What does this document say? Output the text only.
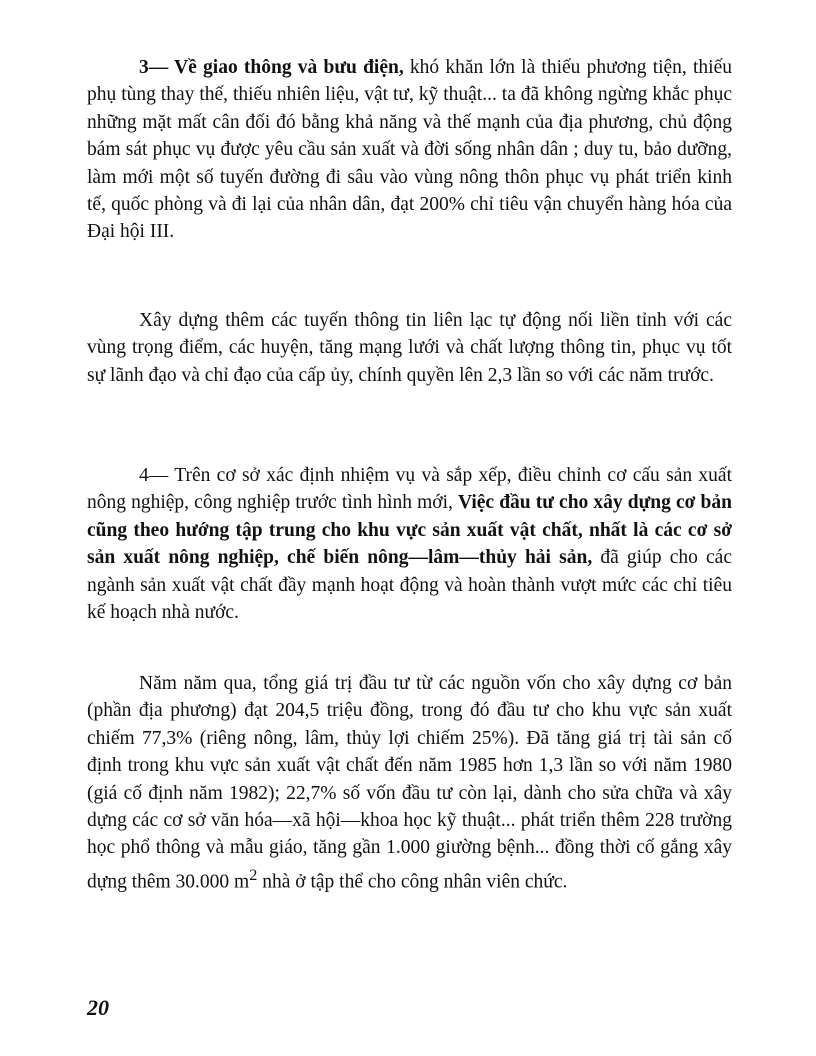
3— Về giao thông và bưu điện, khó khăn lớn là thiếu phương tiện, thiếu phụ tùng thay thế, thiếu nhiên liệu, vật tư, kỹ thuật... ta đã không ngừng khắc phục những mặt mất cân đối đó bằng khả năng và thế mạnh của địa phương, chủ động bám sát phục vụ được yêu cầu sản xuất và đời sống nhân dân ; duy tu, bảo dưỡng, làm mới một số tuyến đường đi sâu vào vùng nông thôn phục vụ phát triển kinh tế, quốc phòng và đi lại của nhân dân, đạt 200% chỉ tiêu vận chuyển hàng hóa của Đại hội III.

Xây dựng thêm các tuyến thông tin liên lạc tự động nối liền tỉnh với các vùng trọng điểm, các huyện, tăng mạng lưới và chất lượng thông tin, phục vụ tốt sự lãnh đạo và chỉ đạo của cấp ủy, chính quyền lên 2,3 lần so với các năm trước.

4— Trên cơ sở xác định nhiệm vụ và sắp xếp, điều chỉnh cơ cấu sản xuất nông nghiệp, công nghiệp trước tình hình mới, Việc đầu tư cho xây dựng cơ bản cũng theo hướng tập trung cho khu vực sản xuất vật chất, nhất là các cơ sở sản xuất nông nghiệp, chế biến nông—lâm—thủy hải sản, đã giúp cho các ngành sản xuất vật chất đầy mạnh hoạt động và hoàn thành vượt mức các chỉ tiêu kế hoạch nhà nước.

Năm năm qua, tổng giá trị đầu tư từ các nguồn vốn cho xây dựng cơ bản (phần địa phương) đạt 204,5 triệu đồng, trong đó đầu tư cho khu vực sản xuất chiếm 77,3% (riêng nông, lâm, thủy lợi chiếm 25%). Đã tăng giá trị tài sản cố định trong khu vực sản xuất vật chất đến năm 1985 hơn 1,3 lần so với năm 1980 (giá cố định năm 1982); 22,7% số vốn đầu tư còn lại, dành cho sửa chữa và xây dựng các cơ sở văn hóa—xã hội—khoa học kỹ thuật... phát triển thêm 228 trường học phổ thông và mẫu giáo, tăng gần 1.000 giường bệnh... đồng thời cố gắng xây dựng thêm 30.000 $m^2$ nhà ở tập thể cho công nhân viên chức.

20
